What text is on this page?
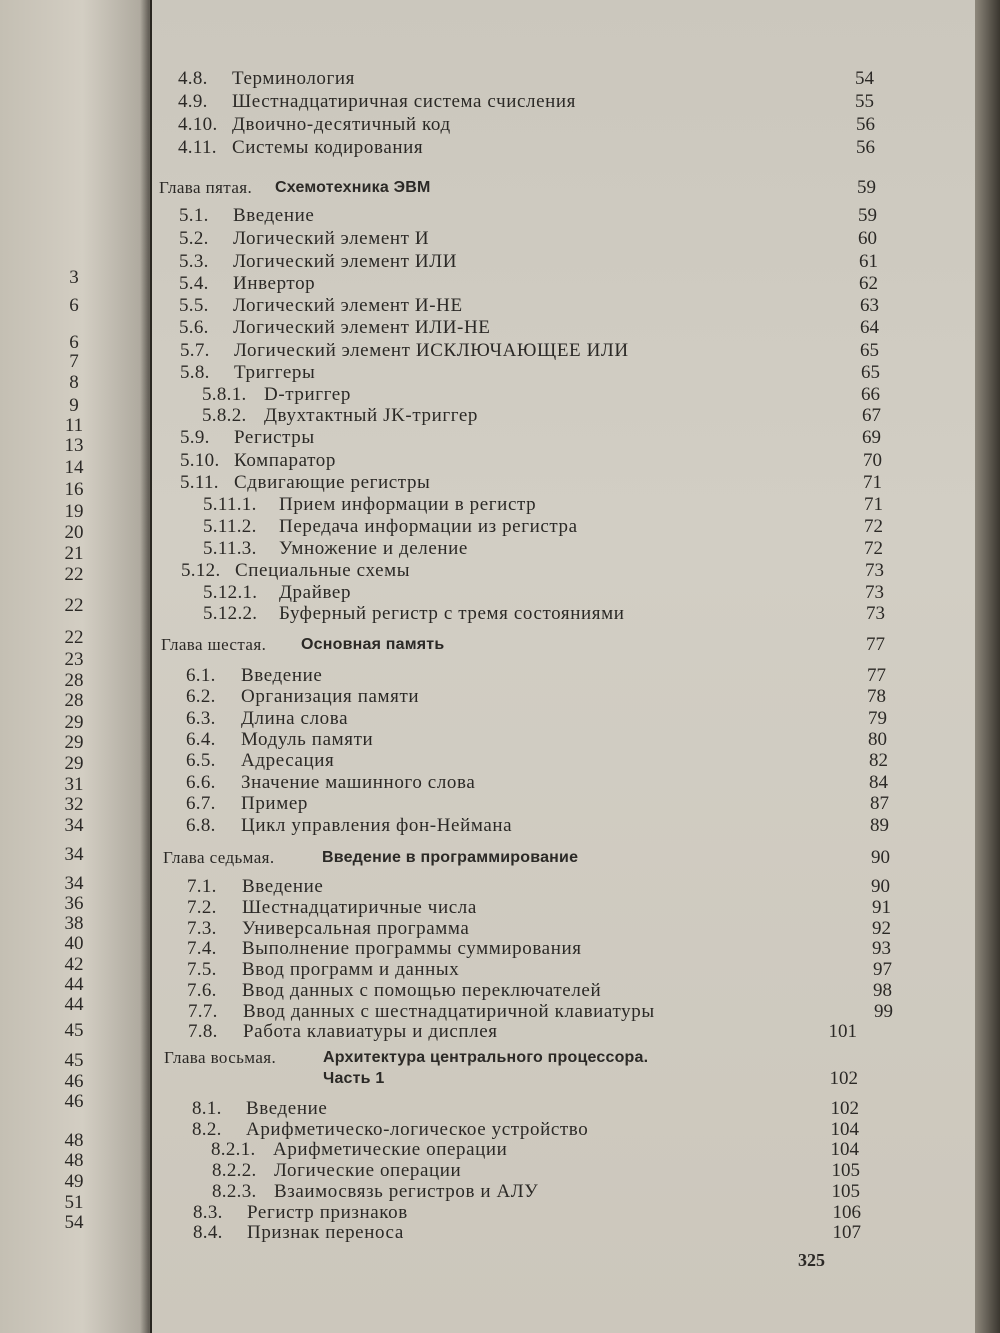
3
6
6
7
8
9
11
13
14
16
19
20
21
22
22
22
23
28
28
29
29
29
31
32
34
34
34
36
38
40
42
44
44
45
45
46
46
48
48
49
51
54
4.8. Терминология	54
4.9. Шестнадцатиричная система счисления	55
4.10. Двоично-десятичный код	56
4.11. Системы кодирования	56
Глава пятая. Схемотехника ЭВМ	59
5.1. Введение	59
5.2. Логический элемент И	60
5.3. Логический элемент ИЛИ	61
5.4. Инвертор	62
5.5. Логический элемент И-НЕ	63
5.6. Логический элемент ИЛИ-НЕ	64
5.7. Логический элемент ИСКЛЮЧАЮЩЕЕ ИЛИ	65
5.8. Триггеры	65
5.8.1. D-триггер	66
5.8.2. Двухтактный JK-триггер	67
5.9. Регистры	69
5.10. Компаратор	70
5.11. Сдвигающие регистры	71
5.11.1. Прием информации в регистр	71
5.11.2. Передача информации из регистра	72
5.11.3. Умножение и деление	72
5.12. Специальные схемы	73
5.12.1. Драйвер	73
5.12.2. Буферный регистр с тремя состояниями	73
Глава шестая. Основная память	77
6.1. Введение	77
6.2. Организация памяти	78
6.3. Длина слова	79
6.4. Модуль памяти	80
6.5. Адресация	82
6.6. Значение машинного слова	84
6.7. Пример	87
6.8. Цикл управления фон-Неймана	89
Глава седьмая.	Введение в программирование	90
7.1. Введение	90
7.2. Шестнадцатиричные числа	91
7.3. Универсальная программа	92
7.4. Выполнение программы суммирования	93
7.5. Ввод программ и данных	97
7.6. Ввод данных с помощью переключателей	98
7.7. Ввод данных с шестнадцатиричной клавиатуры	99
7.8. Работа клавиатуры и дисплея	101
Глава восьмая.	Архитектура центрального процессора.
Часть 1	102
8.1. Введение	102
8.2. Арифметическо-логическое устройство	104
8.2.1. Арифметические операции	104
8.2.2. Логические операции	105
8.2.3. Взаимосвязь регистров и АЛУ	105
8.3. Регистр признаков	106
8.4. Признак переноса	107
325
